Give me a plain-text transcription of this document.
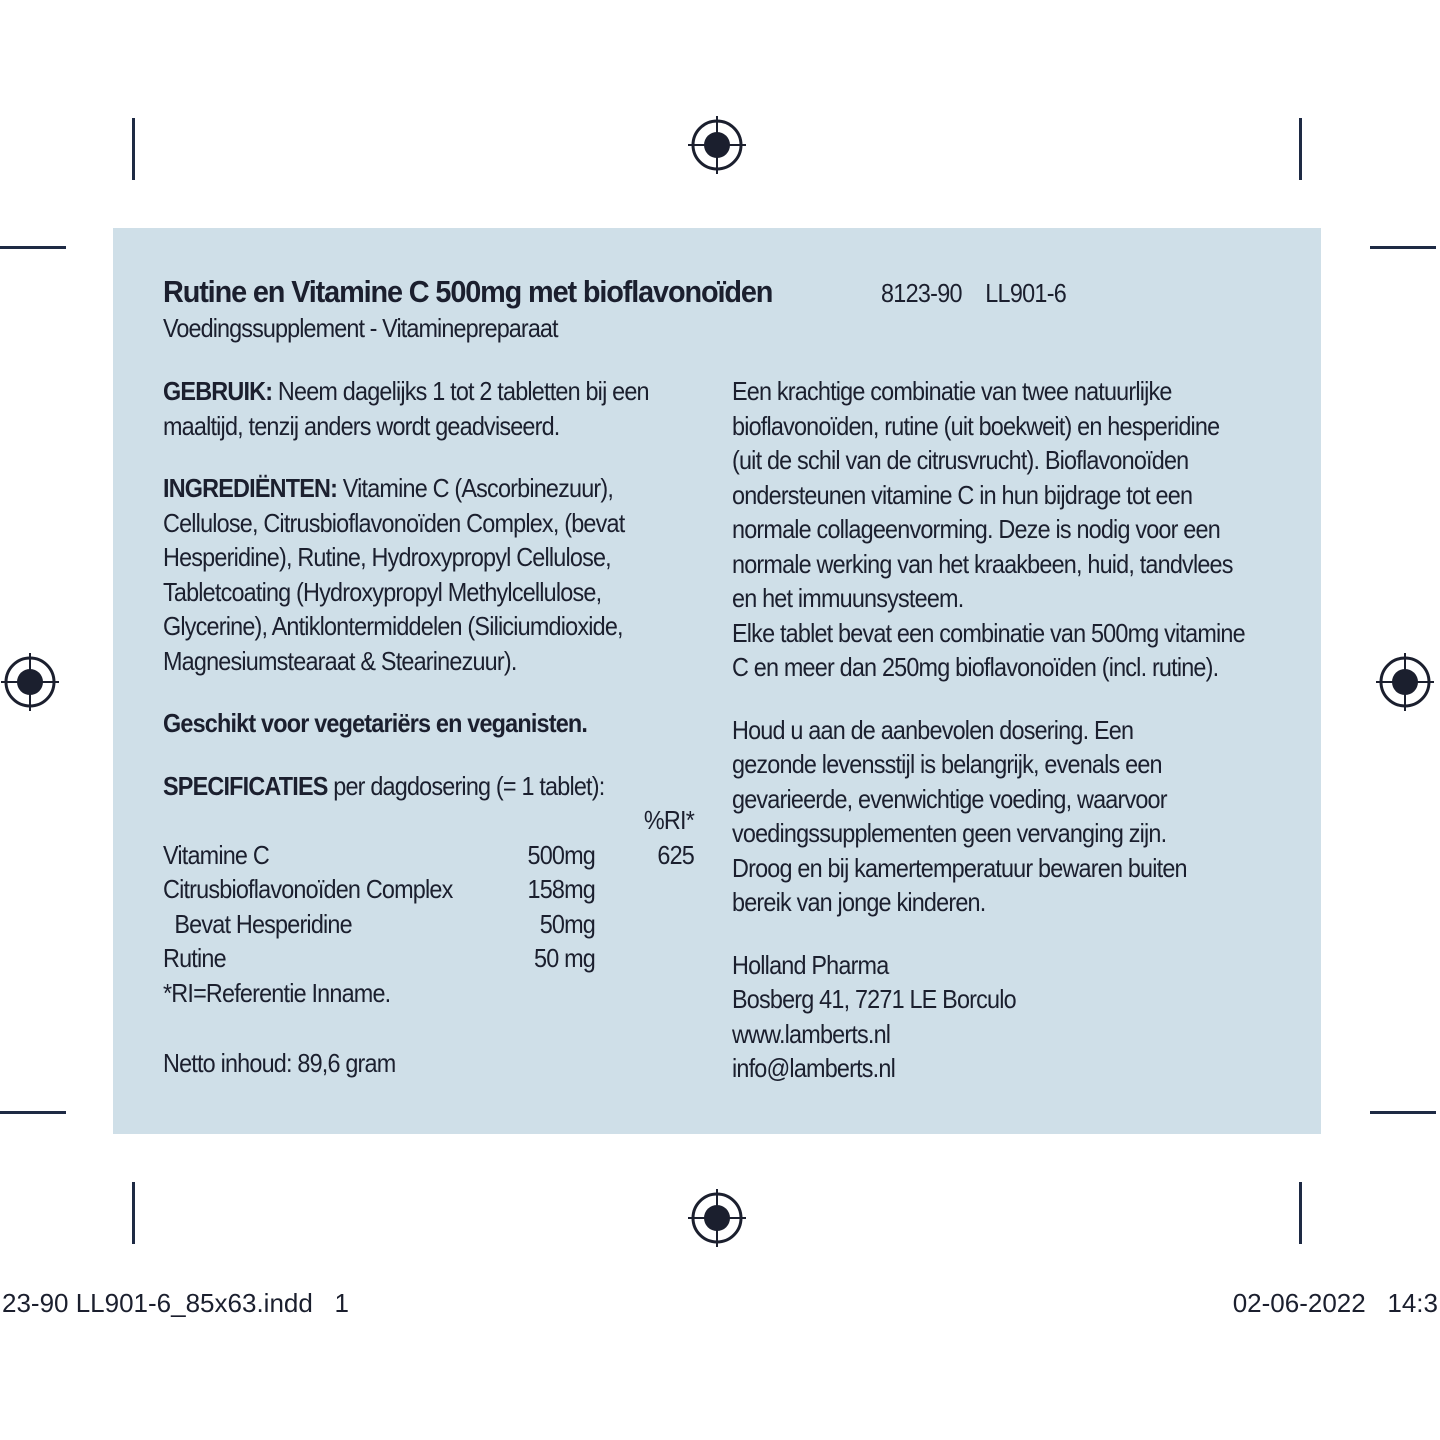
Rutine en Vitamine C 500mg met bioflavonoïden	8123-90 LL901-6
Voedingssupplement - Vitaminepreparaat

GEBRUIK: Neem dagelijks 1 tot 2 tabletten bij een

maaltijd, tenzij anders wordt geadviseerd.

INGREDIËNTEN: Vitamine C (Ascorbinezuur),

Cellulose, Citrusbioflavonoïden Complex, (bevat

Hesperidine), Rutine, Hydroxypropyl Cellulose,

Tabletcoating (Hydroxypropyl Methylcellulose,

Glycerine), Antiklontermiddelen (Siliciumdioxide,

Magnesiumstearaat & Stearinezuur).

Geschikt voor vegetariërs en veganisten.

SPECIFICATIES per dagdosering (= 1 tablet):

%RI*
Vitamine C	500mg 625
Citrusbioflavonoïden Complex	158mg
Bevat Hesperidine	50mg
Rutine	50 mg

*RI=Referentie Inname.

Netto inhoud: 89,6 gram

Een krachtige combinatie van twee natuurlijke

bioflavonoïden, rutine (uit boekweit) en hesperidine

(uit de schil van de citrusvrucht). Bioflavonoïden

ondersteunen vitamine C in hun bijdrage tot een

normale collageenvorming. Deze is nodig voor een

normale werking van het kraakbeen, huid, tandvlees

en het immuunsysteem.

Elke tablet bevat een combinatie van 500mg vitamine

C en meer dan 250mg bioflavonoïden (incl. rutine).

Houd u aan de aanbevolen dosering. Een

gezonde levensstijl is belangrijk, evenals een

gevarieerde, evenwichtige voeding, waarvoor

voedingssupplementen geen vervanging zijn.

Droog en bij kamertemperatuur bewaren buiten

bereik van jonge kinderen.

Holland Pharma

Bosberg 41, 7271 LE Borculo

www.lamberts.nl

info@lamberts.nl

23-90 LL901-6_85x63.indd   1	02-06-2022   14:3
